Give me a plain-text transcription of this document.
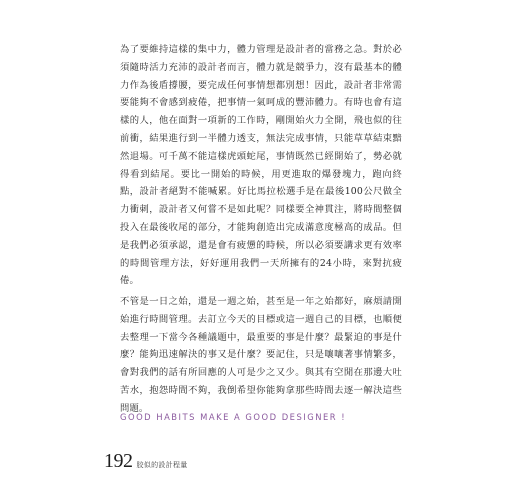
為了要維持這樣的集中力，體力管理是設計者的當務之急。對於必須隨時活力充沛的設計者而言，體力就是競爭力，沒有最基本的體力作為後盾撐腰，要完成任何事情想都別想！因此，設計者非常需要能夠不會感到疲倦，把事情一氣呵成的豐沛體力。有時也會有這樣的人，他在面對一項新的工作時，剛開始火力全開，飛也似的往前衝，結果進行到一半體力透支，無法完成事情，只能草草結束黯然退場。可千萬不能這樣虎頭蛇尾，事情既然已經開始了，勢必就得看到結尾。要比一開始的時候，用更進取的爆發塊力，跑向終點，設計者絕對不能喊累。好比馬拉松選手是在最後100公尺做全力衝刺，設計者又何嘗不是如此呢？同樣要全神貫注，將時間整個投入在最後收尾的部分，才能夠創造出完成滿意度極高的成品。但是我們必須承認，還是會有疲憊的時候，所以必須要講求更有效率的時間管理方法，好好運用我們一天所擁有的24小時，來對抗疲倦。

不管是一日之始，還是一週之始，甚至是一年之始都好，麻煩請開始進行時間管理。去訂立今天的目標或這一週自己的目標，也順便去整理一下當今各種議題中，最重要的事是什麼？最緊迫的事是什麼？能夠迅速解決的事又是什麼？要記住，只是嚷嚷著事情繁多，會對我們的話有所回應的人可是少之又少。與其有空閒在那邊大吐苦水，抱怨時間不夠，我倒希望你能夠拿那些時間去逐一解決這些問題。

GOOD HABITS MAKE A GOOD DESIGNER !

192 胶似的設計程量
